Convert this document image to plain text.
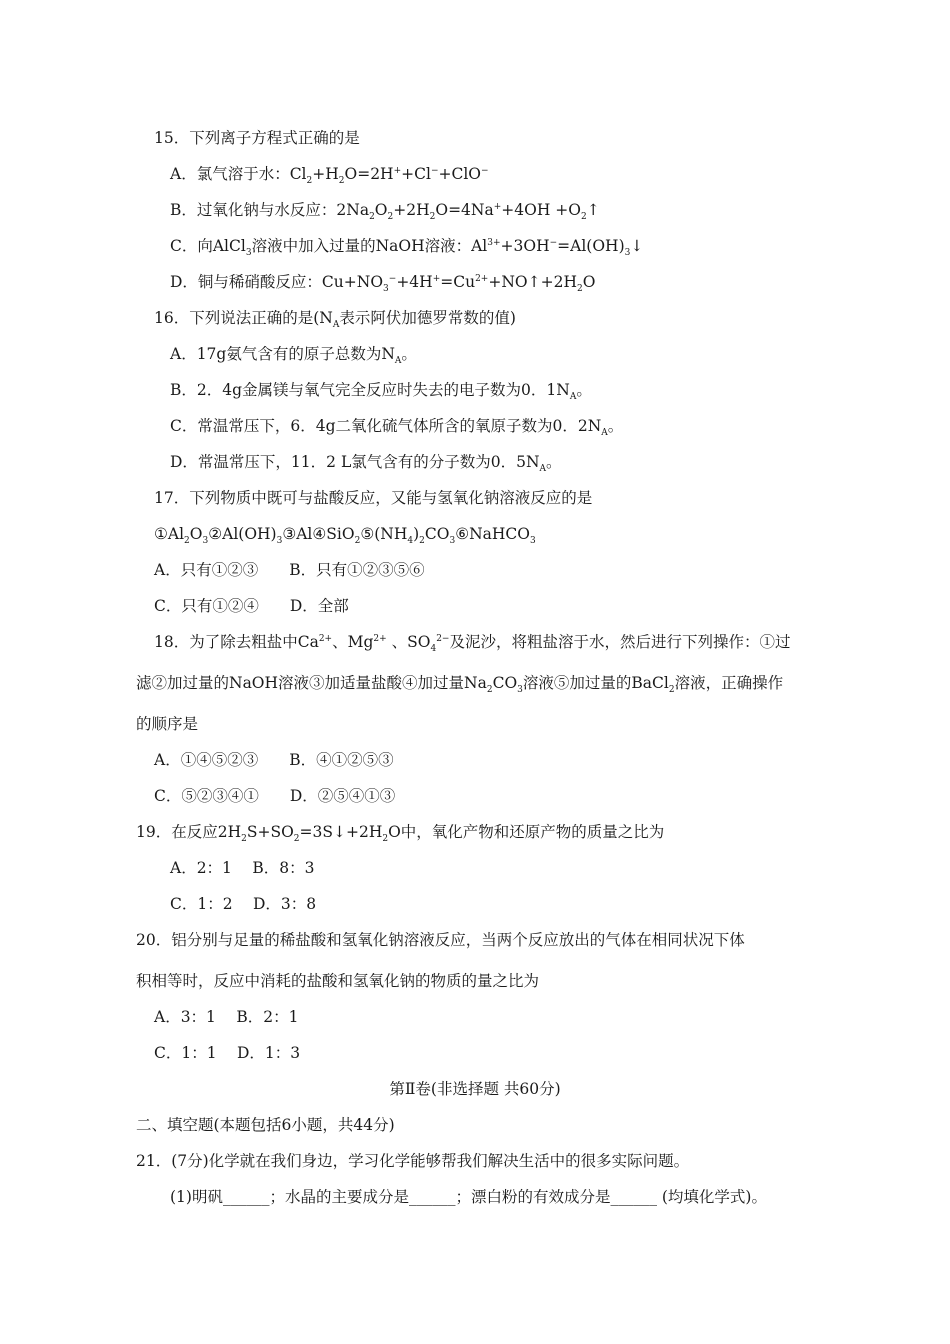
15．下列离子方程式正确的是
A．氯气溶于水：$Cl_2+H_2O=2H^++Cl^-+ClO^-$
B．过氧化钠与水反应：$2Na_2O_2+2H_2O=4Na^++4OH$ $+O_2↑$
C．向AlCl$_3$溶液中加入过量的NaOH溶液：$Al^{3+}+3OH^-=Al(OH)_3↓$
D．铜与稀硝酸反应：$Cu+NO_3^-+4H^+=Cu^{2+}+NO↑+2H_2O$
16．下列说法正确的是($N_A$表示阿伏加德罗常数的值)
A．17g氨气含有的原子总数为$N_A$。
B．2．4g金属镁与氧气完全反应时失去的电子数为0．$1N_A$。
C．常温常压下，6．4g二氧化硫气体所含的氧原子数为0．$2N_A$。
D．常温常压下，11．2 L氯气含有的分子数为0．$5N_A$。
17．下列物质中既可与盐酸反应，又能与氢氧化钠溶液反应的是
$①Al_2O_3②Al(OH)_3③Al④SiO_2⑤(NH_4)_2CO_3⑥NaHCO_3$
A．只有①②③　　B．只有①②③⑤⑥
C．只有①②④　　D．全部
18．为了除去粗盐中$Ca^{2+}$、$Mg^{2+}$ 、$SO_4^{2-}$及泥沙，将粗盐溶于水，然后进行下列操作：①过
滤②加过量的NaOH溶液③加适量盐酸④加过量$Na_2CO_3$溶液⑤加过量的BaCl$_2$溶液，正确操作
的顺序是
A．①④⑤②③　　B．④①②⑤③
C．⑤②③④①　　D．②⑤④①③
19．在反应$2H_2S+SO_2=3S↓+2H_2O$中，氧化产物和还原产物的质量之比为
A．2：1　 B．8：3
C．1：2　 D．3：8
20．铝分别与足量的稀盐酸和氢氧化钠溶液反应，当两个反应放出的气体在相同状况下体
积相等时，反应中消耗的盐酸和氢氧化钠的物质的量之比为
A．3：1　 B．2：1
C．1：1　 D．1：3
第Ⅱ卷(非选择题 共60分)
二、填空题(本题包括6小题，共44分)
21．(7分)化学就在我们身边，学习化学能够帮我们解决生活中的很多实际问题。
(1)明矾______；水晶的主要成分是______；漂白粉的有效成分是______ (均填化学式)。
